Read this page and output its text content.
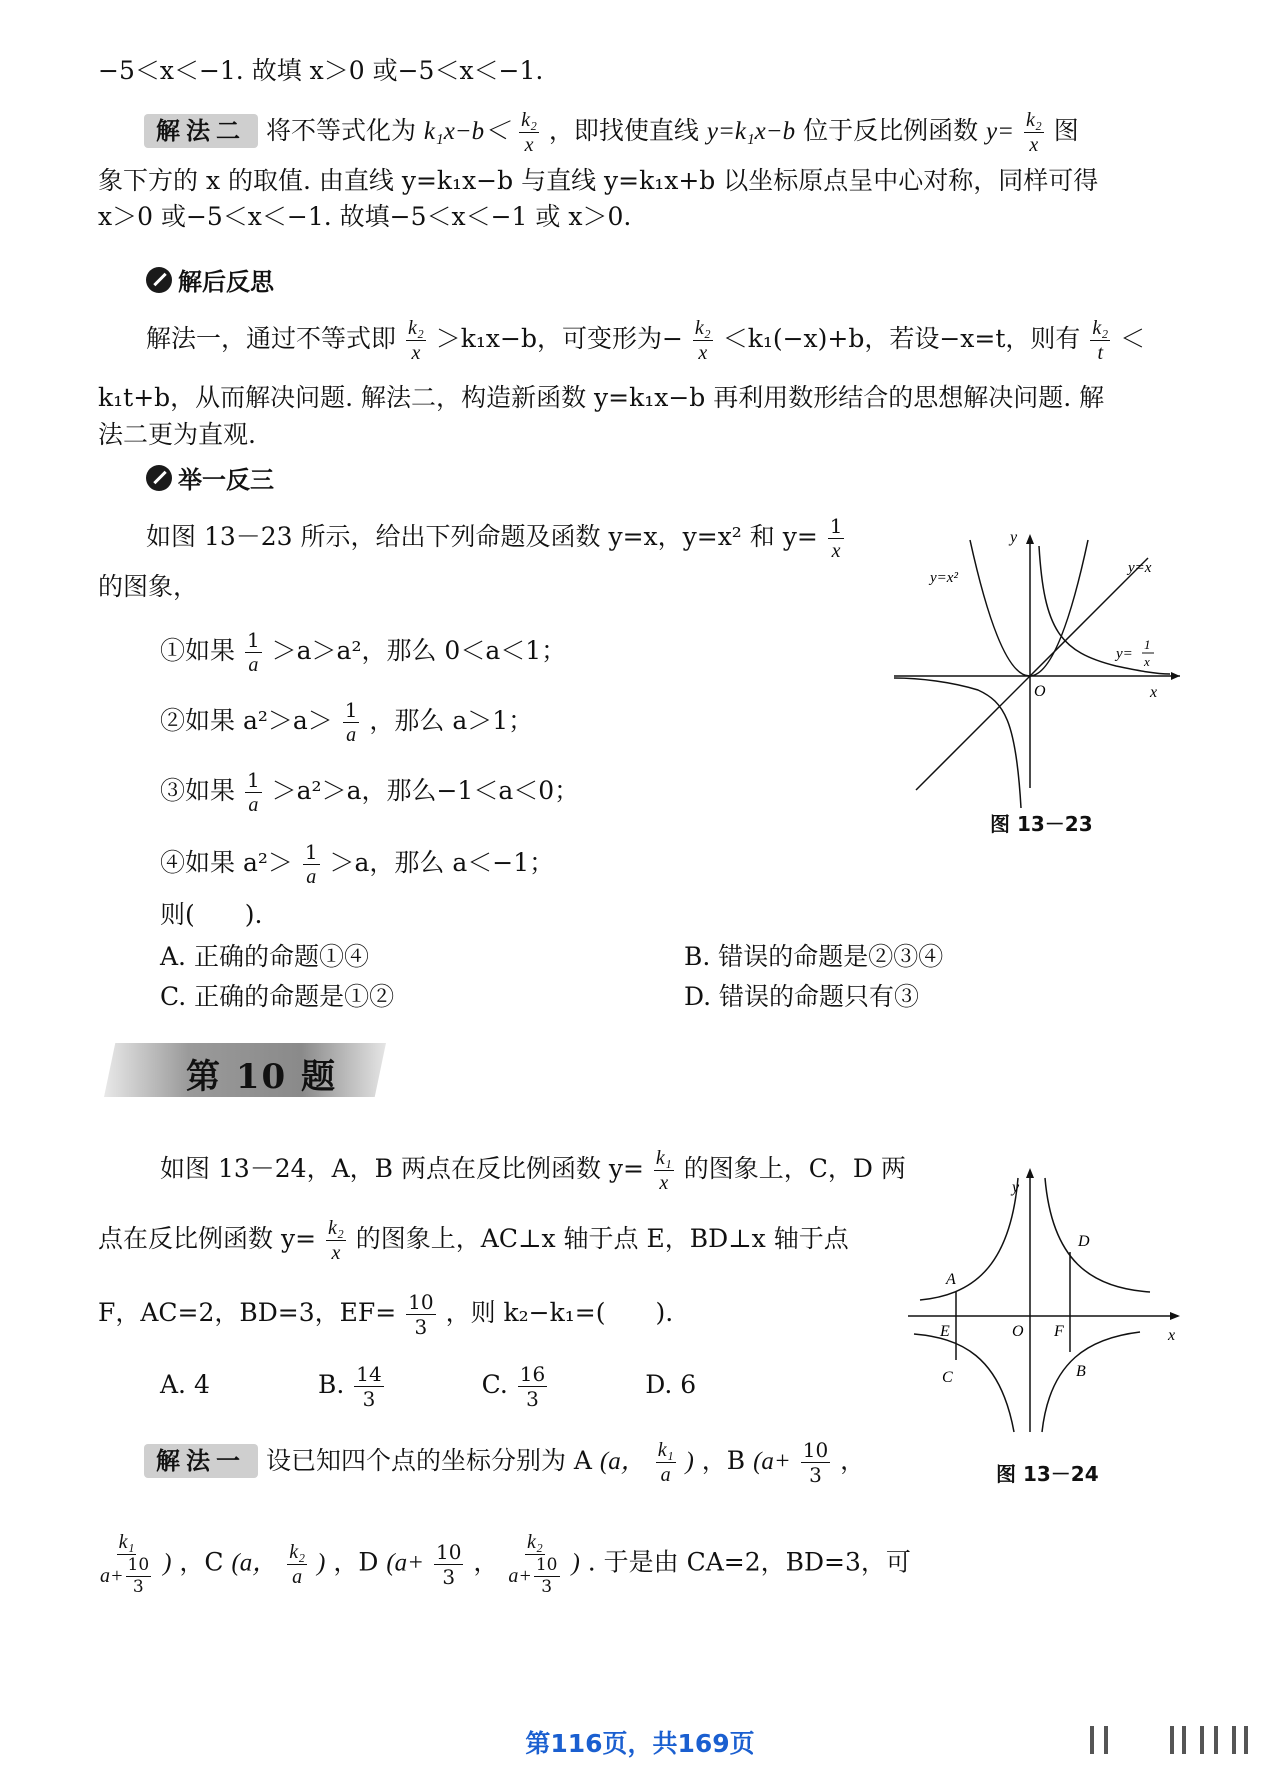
−5＜x＜−1. 故填 x＞0 或−5＜x＜−1.
解法二 将不等式化为 $k_1x-b< \frac{\text{k₂}}{x}$ ，即找使直线 y=k₁x−b 位于反比例函数 $y= \frac{\text{k₂}}{x}$ 图
象下方的 x 的取值. 由直线 y=k₁x−b 与直线 y=k₁x+b 以坐标原点呈中心对称，同样可得
x＞0 或−5＜x＜−1. 故填−5＜x＜−1 或 x＞0.
解后反思
解法一，通过不等式即 $\frac{\text{k₂}}{x} >k_1x-b$，可变形为− $\frac{\text{k₂}}{x} <k_1(-x)+b$，若设−x=t，则有 $\frac{\text{k₂}}{t}$ ＜
k₁t+b，从而解决问题. 解法二，构造新函数 y=k₁x−b 再利用数形结合的思想解决问题. 解
法二更为直观.
举一反三
如图 13－23 所示，给出下列命题及函数 y=x，y=x² 和 $y= \frac{1}{x}$
的图象，
①如果 $\frac{1}{a} >a>a^2$，那么 0＜a＜1；
②如果 $a^2>a> \frac{1}{a}$ ，那么 a＞1；
③如果 $\frac{1}{a} >a^2>a$，那么−1＜a＜0；
④如果 $a^2> \frac{1}{a} >a$，那么 a＜−1；
则(　　).
A. 正确的命题①④	B. 错误的命题是②③④
C. 正确的命题是①②	D. 错误的命题只有③
y
x
O
y=x²
y=x
y=
1
x
图 13－23
第 10 题
如图 13－24，A，B 两点在反比例函数 $y= \frac{\text{k₁}}{x}$ 的图象上，C，D 两
点在反比例函数 $y= \frac{\text{k₂}}{x}$ 的图象上，AC⊥x 轴于点 E，BD⊥x 轴于点
F，AC=2，BD=3，$EF= \frac{10}{3}$ ，则 k₂−k₁=(　　).
A. 4	B. $\frac{14}{3}$	C. $\frac{16}{3}$	D. 6
解法一 设已知四个点的坐标分别为 A (a， $\frac{\text{k₁}}{a}$ ) ，B ($a+ \frac{10}{3}$ ，
$\frac{\text{k₁}}{a+ \frac{10}{3}}$ ) ，C (a， $\frac{\text{k₂}}{a}$ ) ，D ($a+ \frac{10}{3}$ ， $\frac{\text{k₂}}{a+ \frac{10}{3}}$ ) . 于是由 CA=2，BD=3，可
y
x
O
A
B
C
D
E	F
图 13－24
第116页，共169页
